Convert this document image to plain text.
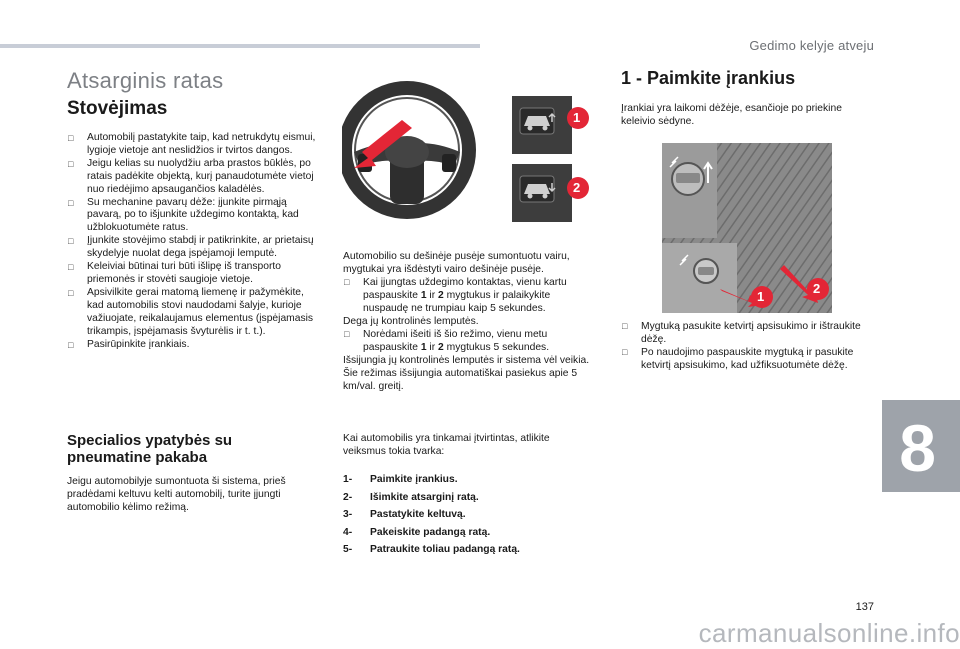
Gedimo kelyje atveju
Atsarginis ratas
Stovėjimas
□ Automobilį pastatykite taip, kad netrukdytų eismui, lygioje vietoje ant neslidžios ir tvirtos dangos.
□ Jeigu kelias su nuolydžiu arba prastos būklės, po ratais padėkite objektą, kurį panaudotumėte vietoj nuo riedėjimo apsaugančios kaladėlės.
□ Su mechanine pavarų dėže: įjunkite pirmąją pavarą, po to išjunkite uždegimo kontaktą, kad užblokuotumėte ratus.
□ Įjunkite stovėjimo stabdį ir patikrinkite, ar prietaisų skydelyje nuolat dega įspėjamoji lemputė.
□ Keleiviai būtinai turi būti išlipę iš transporto priemonės ir stovėti saugioje vietoje.
□ Apsivilkite gerai matomą liemenę ir pažymėkite, kad automobilis stovi naudodami šalyje, kurioje važiuojate, reikalaujamus elementus (įspėjamasis trikampis, įspėjamasis švyturėlis ir t. t.).
□ Pasirūpinkite įrankiais.
Specialios ypatybės su pneumatine pakaba

Jeigu automobilyje sumontuota ši sistema, prieš pradėdami keltuvu kelti automobilį, turite įjungti automobilio kėlimo režimą.

1
2

Automobilio su dešinėje pusėje sumontuotu vairu, mygtukai yra išdėstyti vairo dešinėje pusėje.

□ Kai įjungtas uždegimo kontaktas, vienu kartu paspauskite 1 ir 2 mygtukus ir palaikykite nuspaudę ne trumpiau kaip 5 sekundes.

Dega jų kontrolinės lemputės.

□ Norėdami išeiti iš šio režimo, vienu metu paspauskite 1 ir 2 mygtukus 5 sekundes.

Išsijungia jų kontrolinės lemputės ir sistema vėl veikia.

Šie režimas išsijungia automatiškai pasiekus apie 5 km/val. greitį.

Kai automobilis yra tinkamai įtvirtintas, atlikite veiksmus tokia tvarka:

1-	Paimkite įrankius.
2-	Išimkite atsarginį ratą.
3-	Pastatykite keltuvą.
4-	Pakeiskite padangą ratą.
5-	Patraukite toliau padangą ratą.
1 - Paimkite įrankius

Įrankiai yra laikomi dėžėje, esančioje po priekine keleivio sėdyne.

1
2
□ Mygtuką pasukite ketvirtį apsisukimo ir ištraukite dėžę.
□ Po naudojimo paspauskite mygtuką ir pasukite ketvirtį apsisukimo, kad užfiksuotumėte dėžę.
8
137
carmanualsonline.info
